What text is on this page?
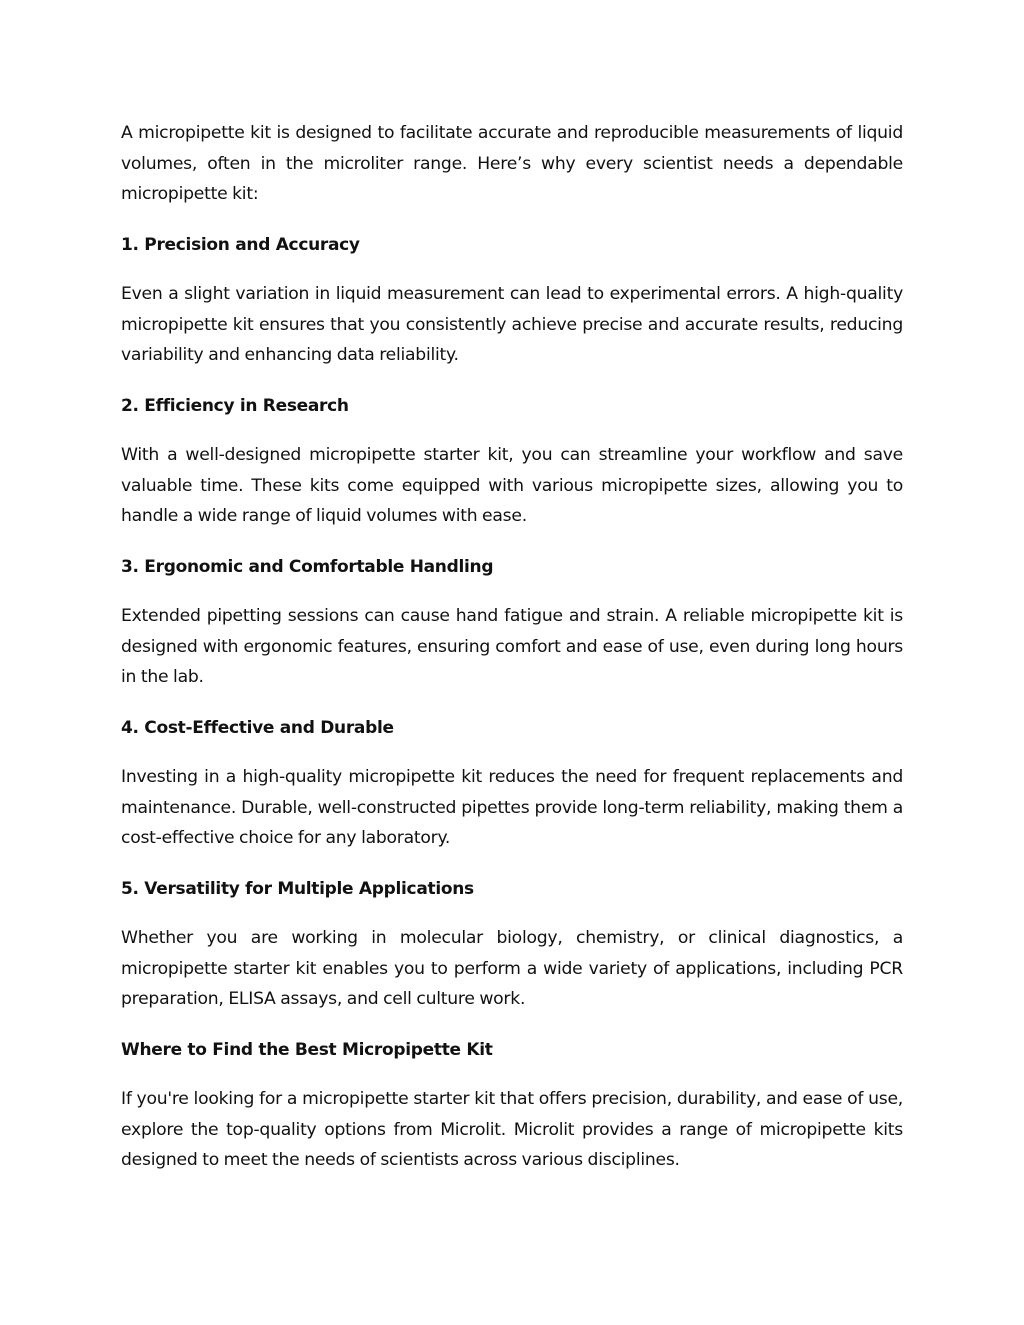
A micropipette kit is designed to facilitate accurate and reproducible measurements of liquid volumes, often in the microliter range. Here’s why every scientist needs a dependable micropipette kit:

1. Precision and Accuracy

Even a slight variation in liquid measurement can lead to experimental errors. A high-quality micropipette kit ensures that you consistently achieve precise and accurate results, reducing variability and enhancing data reliability.

2. Efficiency in Research

With a well-designed micropipette starter kit, you can streamline your workflow and save valuable time. These kits come equipped with various micropipette sizes, allowing you to handle a wide range of liquid volumes with ease.

3. Ergonomic and Comfortable Handling

Extended pipetting sessions can cause hand fatigue and strain. A reliable micropipette kit is designed with ergonomic features, ensuring comfort and ease of use, even during long hours in the lab.

4. Cost-Effective and Durable

Investing in a high-quality micropipette kit reduces the need for frequent replacements and maintenance. Durable, well-constructed pipettes provide long-term reliability, making them a cost-effective choice for any laboratory.

5. Versatility for Multiple Applications

Whether you are working in molecular biology, chemistry, or clinical diagnostics, a micropipette starter kit enables you to perform a wide variety of applications, including PCR preparation, ELISA assays, and cell culture work.

Where to Find the Best Micropipette Kit

If you're looking for a micropipette starter kit that offers precision, durability, and ease of use, explore the top-quality options from Microlit. Microlit provides a range of micropipette kits designed to meet the needs of scientists across various disciplines.
